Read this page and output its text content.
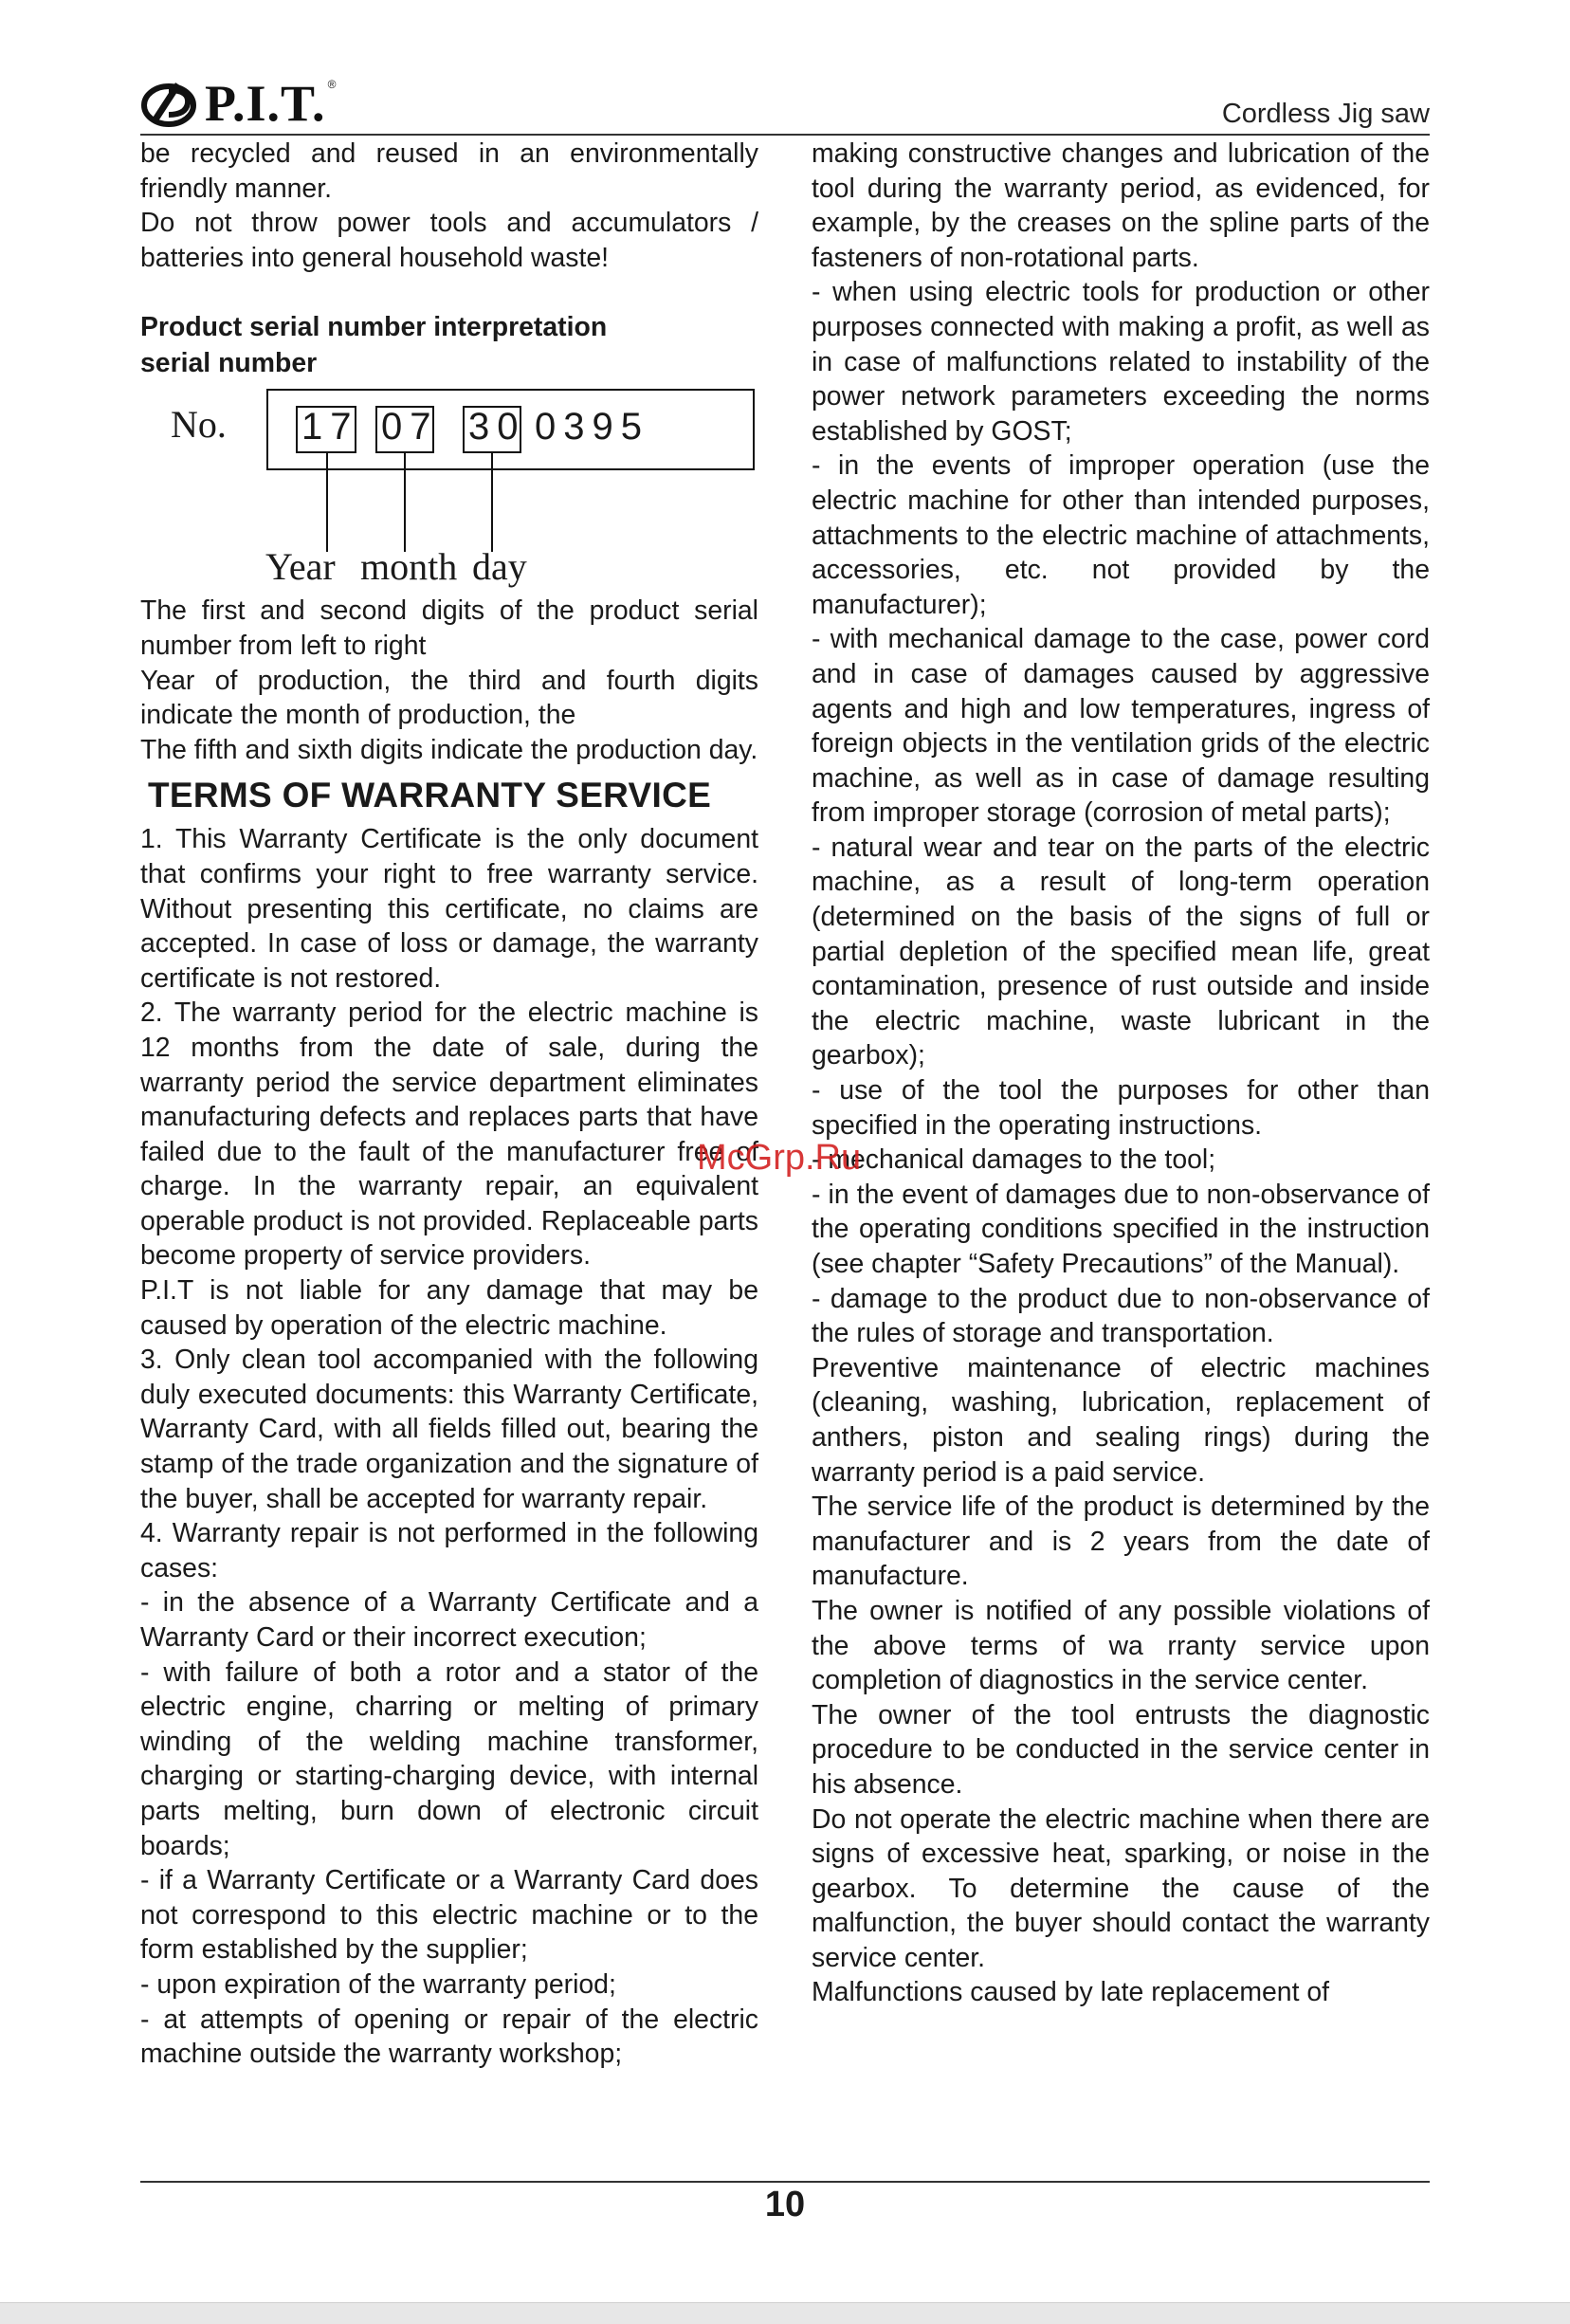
P.I.T. ®
Cordless Jig saw

be recycled and reused in an environmentally friendly manner.

Do not throw power tools and accumulators / batteries into general household waste!

Product serial number interpretation
serial number
No. 17 07 30 0395
Year month day

The first and second digits of the product serial number from left to right

Year of production, the third and fourth digits indicate the month of production, the

The fifth and sixth digits indicate the production day.

TERMS OF WARRANTY SERVICE

1. This Warranty Certificate is the only document that confirms your right to free warranty service. Without presenting this certificate, no claims are accepted. In case of loss or damage, the warranty certificate is not restored.

2. The warranty period for the electric machine is 12 months from the date of sale, during the warranty period the service department eliminates manufacturing defects and replaces parts that have failed due to the fault of the manufacturer free of charge. In the warranty repair, an equivalent operable product is not provided. Replaceable parts become property of service providers.

P.I.T is not liable for any damage that may be caused by operation of the electric machine.

3. Only clean tool accompanied with the following duly executed documents: this Warranty Certificate, Warranty Card, with all fields filled out, bearing the stamp of the trade organization and the signature of the buyer, shall be accepted for warranty repair.

4. Warranty repair is not performed in the following cases:

- in the absence of a Warranty Certificate and a Warranty Card or their incorrect execution;

- with failure of both a rotor and a stator of the electric engine, charring or melting of primary winding of the welding machine transformer, charging or starting-charging device, with internal parts melting, burn down of electronic circuit boards;

- if a Warranty Certificate or a Warranty Card does not correspond to this electric machine or to the form established by the supplier;

- upon expiration of the warranty period;

- at attempts of opening or repair of the electric machine outside the warranty workshop;

making constructive changes and lubrication of the tool during the warranty period, as evidenced, for example, by the creases on the spline parts of the fasteners of non-rotational parts.

- when using electric tools for production or other purposes connected with making a profit, as well as in case of malfunctions related to instability of the power network parameters exceeding the norms established by GOST;

- in the events of improper operation (use the electric machine for other than intended purposes, attachments to the electric machine of attachments, accessories, etc. not provided by the manufacturer);

- with mechanical damage to the case, power cord and in case of damages caused by aggressive agents and high and low temperatures, ingress of foreign objects in the ventilation grids of the electric machine, as well as in case of damage resulting from improper storage (corrosion of metal parts);

- natural wear and tear on the parts of the electric machine, as a result of long-term operation (determined on the basis of the signs of full or partial depletion of the specified mean life, great contamination, presence of rust outside and inside the electric machine, waste lubricant in the gearbox);

- use of the tool the purposes for other than specified in the operating instructions.

- mechanical damages to the tool;

- in the event of damages due to non-observance of the operating conditions specified in the instruction (see chapter “Safety Precautions” of the Manual).

- damage to the product due to non-observance of the rules of storage and transportation.

Preventive maintenance of electric machines (cleaning, washing, lubrication, replacement of anthers, piston and sealing rings) during the warranty period is a paid service.

The service life of the product is determined by the manufacturer and is 2 years from the date of manufacture.

The owner is notified of any possible violations of the above terms of wa rranty service upon completion of diagnostics in the service center.

The owner of the tool entrusts the diagnostic procedure to be conducted in the service center in his absence.

Do not operate the electric machine when there are signs of excessive heat, sparking, or noise in the gearbox. To determine the cause of the malfunction, the buyer should contact the warranty service center.

Malfunctions caused by late replacement of

McGrp.Ru
10
